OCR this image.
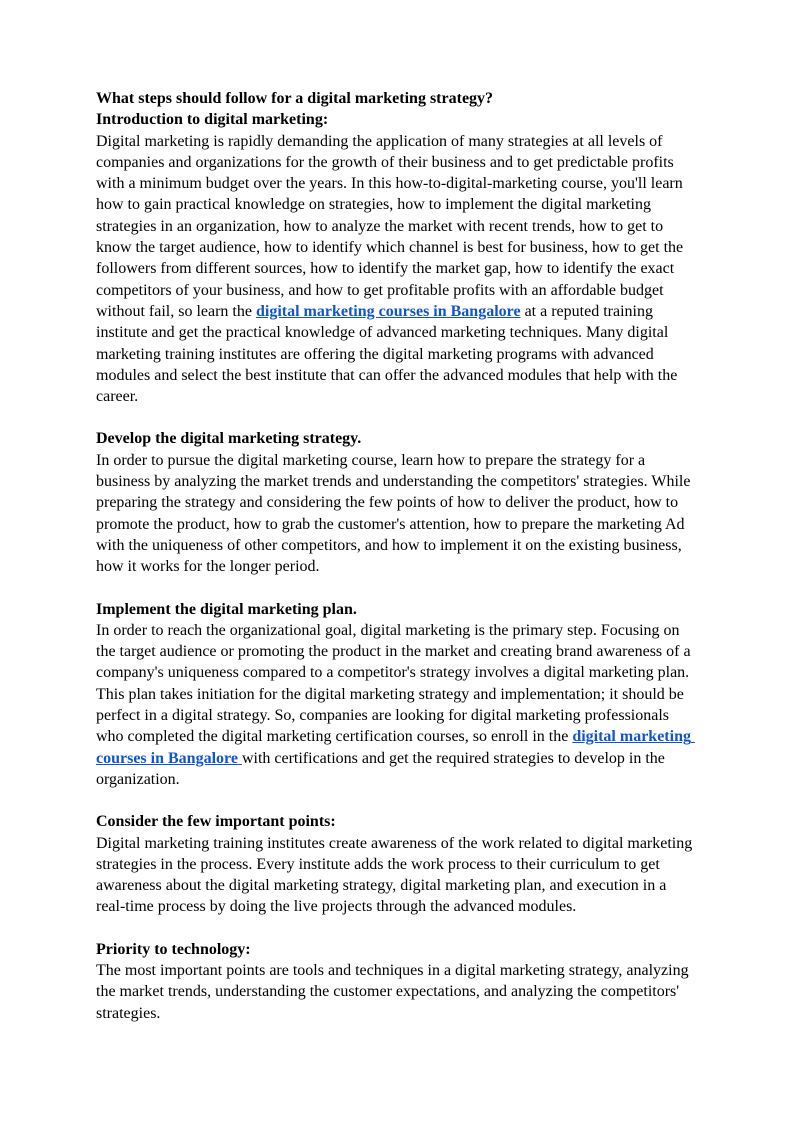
What steps should follow for a digital marketing strategy?
Introduction to digital marketing:

Digital marketing is rapidly demanding the application of many strategies at all levels of companies and organizations for the growth of their business and to get predictable profits with a minimum budget over the years. In this how-to-digital-marketing course, you'll learn how to gain practical knowledge on strategies, how to implement the digital marketing strategies in an organization, how to analyze the market with recent trends, how to get to know the target audience, how to identify which channel is best for business, how to get the followers from different sources, how to identify the market gap, how to identify the exact competitors of your business, and how to get profitable profits with an affordable budget without fail, so learn the digital marketing courses in Bangalore at a reputed training institute and get the practical knowledge of advanced marketing techniques. Many digital marketing training institutes are offering the digital marketing programs with advanced modules and select the best institute that can offer the advanced modules that help with the career.

Develop the digital marketing strategy.

In order to pursue the digital marketing course, learn how to prepare the strategy for a business by analyzing the market trends and understanding the competitors' strategies. While preparing the strategy and considering the few points of how to deliver the product, how to promote the product, how to grab the customer's attention, how to prepare the marketing Ad with the uniqueness of other competitors, and how to implement it on the existing business, how it works for the longer period.

Implement the digital marketing plan.

In order to reach the organizational goal, digital marketing is the primary step. Focusing on the target audience or promoting the product in the market and creating brand awareness of a company's uniqueness compared to a competitor's strategy involves a digital marketing plan. This plan takes initiation for the digital marketing strategy and implementation; it should be perfect in a digital strategy. So, companies are looking for digital marketing professionals who completed the digital marketing certification courses, so enroll in the digital marketing courses in Bangalore with certifications and get the required strategies to develop in the organization.

Consider the few important points:

Digital marketing training institutes create awareness of the work related to digital marketing strategies in the process. Every institute adds the work process to their curriculum to get awareness about the digital marketing strategy, digital marketing plan, and execution in a real-time process by doing the live projects through the advanced modules.

Priority to technology:

The most important points are tools and techniques in a digital marketing strategy, analyzing the market trends, understanding the customer expectations, and analyzing the competitors' strategies.
